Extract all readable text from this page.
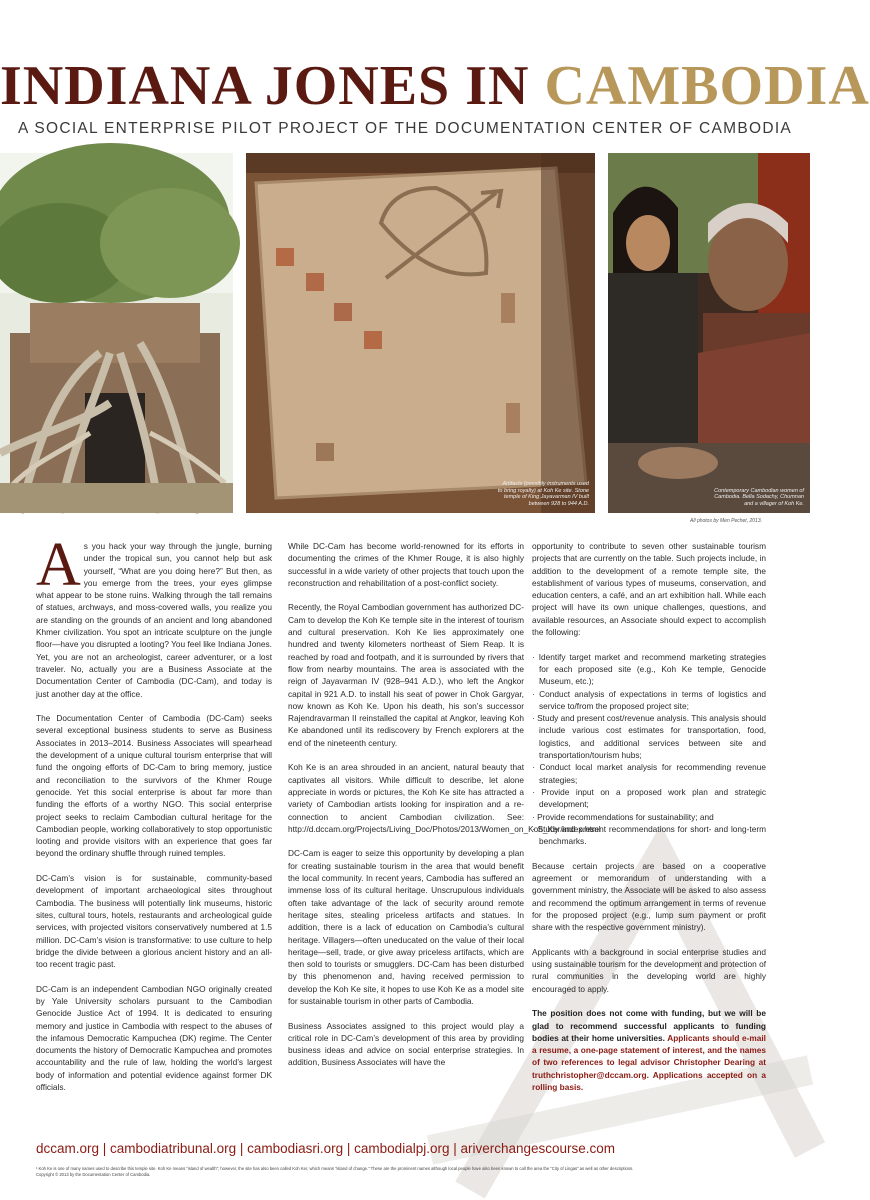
INDIANA JONES IN CAMBODIA
A SOCIAL ENTERPRISE PILOT PROJECT OF THE DOCUMENTATION CENTER OF CAMBODIA
Artifacts (possibly instruments used to bring royalty) at Koh Ke site. Stone temple of King Jayavarman IV built between 928 to 944 A.D.
Contemporary Cambodian women of Cambodia. Bella Sodachy, Chumnan and a villager of Koh Ke.
All photos by Men Pechet, 2013.

As you hack your way through the jungle, burning under the tropical sun, you cannot help but ask yourself, “What are you doing here?” But then, as you emerge from the trees, your eyes glimpse what appear to be stone ruins. Walking through the tall remains of statues, archways, and moss-covered walls, you realize you are standing on the grounds of an ancient and long abandoned Khmer civilization. You spot an intricate sculpture on the jungle floor—have you disrupted a looting? You feel like Indiana Jones. Yet, you are not an archeologist, career adventurer, or a lost traveler. No, actually you are a Business Associate at the Documentation Center of Cambodia (DC-Cam), and today is just another day at the office.

The Documentation Center of Cambodia (DC-Cam) seeks several exceptional business students to serve as Business Associates in 2013–2014. Business Associates will spearhead the development of a unique cultural tourism enterprise that will fund the ongoing efforts of DC-Cam to bring memory, justice and reconciliation to the survivors of the Khmer Rouge genocide. Yet this social enterprise is about far more than funding the efforts of a worthy NGO. This social enterprise project seeks to reclaim Cambodian cultural heritage for the Cambodian people, working collaboratively to stop opportunistic looting and provide visitors with an experience that goes far beyond the ordinary shuffle through ruined temples.

DC-Cam’s vision is for sustainable, community-based development of important archaeological sites throughout Cambodia. The business will potentially link museums, historic sites, cultural tours, hotels, restaurants and archeological guide services, with projected visitors conservatively numbered at 1.5 million. DC-Cam’s vision is transformative: to use culture to help bridge the divide between a glorious ancient history and an all-too recent tragic past.

DC-Cam is an independent Cambodian NGO originally created by Yale University scholars pursuant to the Cambodian Genocide Justice Act of 1994. It is dedicated to ensuring memory and justice in Cambodia with respect to the abuses of the infamous Democratic Kampuchea (DK) regime. The Center documents the history of Democratic Kampuchea and promotes accountability and the rule of law, holding the world’s largest body of information and potential evidence against former DK officials.

While DC-Cam has become world-renowned for its efforts in documenting the crimes of the Khmer Rouge, it is also highly successful in a wide variety of other projects that touch upon the reconstruction and rehabilitation of a post-conflict society.

Recently, the Royal Cambodian government has authorized DC-Cam to develop the Koh Ke temple site in the interest of tourism and cultural preservation. Koh Ke lies approximately one hundred and twenty kilometers northeast of Siem Reap. It is reached by road and footpath, and it is surrounded by rivers that flow from nearby mountains. The area is associated with the reign of Jayavarman IV (928–941 A.D.), who left the Angkor capital in 921 A.D. to install his seat of power in Chok Gargyar, now known as Koh Ke. Upon his death, his son’s successor Rajendravarman II reinstalled the capital at Angkor, leaving Koh Ke abandoned until its rediscovery by French explorers at the end of the nineteenth century.

Koh Ke is an area shrouded in an ancient, natural beauty that captivates all visitors. While difficult to describe, let alone appreciate in words or pictures, the Koh Ke site has attracted a variety of Cambodian artists looking for inspiration and a re-connection to ancient Cambodian civilization. See: http://d.dccam.org/Projects/Living_Doc/Photos/2013/Women_on_Koh_Ker/index.html

DC-Cam is eager to seize this opportunity by developing a plan for creating sustainable tourism in the area that would benefit the local community. In recent years, Cambodia has suffered an immense loss of its cultural heritage. Unscrupulous individuals often take advantage of the lack of security around remote heritage sites, stealing priceless artifacts and statues. In addition, there is a lack of education on Cambodia’s cultural heritage. Villagers—often uneducated on the value of their local heritage—sell, trade, or give away priceless artifacts, which are then sold to tourists or smugglers. DC-Cam has been disturbed by this phenomenon and, having received permission to develop the Koh Ke site, it hopes to use Koh Ke as a model site for sustainable tourism in other parts of Cambodia.

Business Associates assigned to this project would play a critical role in DC-Cam’s development of this area by providing business ideas and advice on social enterprise strategies. In addition, Business Associates will have the

opportunity to contribute to seven other sustainable tourism projects that are currently on the table. Such projects include, in addition to the development of a remote temple site, the establishment of various types of museums, conservation, and education centers, a café, and an art exhibition hall. While each project will have its own unique challenges, questions, and available resources, an Associate should expect to accomplish the following:

· Identify target market and recommend marketing strategies for each proposed site (e.g., Koh Ke temple, Genocide Museum, etc.);
· Conduct analysis of expectations in terms of logistics and service to/from the proposed project site;
· Study and present cost/revenue analysis. This analysis should include various cost estimates for transportation, food, logistics, and additional services between site and transportation/tourism hubs;
· Conduct local market analysis for recommending revenue strategies;
· Provide input on a proposed work plan and strategic development;
· Provide recommendations for sustainability; and
· Study and present recommendations for short- and long-term benchmarks.

Because certain projects are based on a cooperative agreement or memorandum of understanding with a government ministry, the Associate will be asked to also assess and recommend the optimum arrangement in terms of revenue for the proposed project (e.g., lump sum payment or profit share with the respective government ministry).

Applicants with a background in social enterprise studies and using sustainable tourism for the development and protection of rural communities in the developing world are highly encouraged to apply.

The position does not come with funding, but we will be glad to recommend successful applicants to funding bodies at their home universities. Applicants should e-mail a resume, a one-page statement of interest, and the names of two references to legal advisor Christopher Dearing at truthchristopher@dccam.org. Applications accepted on a rolling basis.

dccam.org | cambodiatribunal.org | cambodiasri.org | cambodialpj.org | ariverchangescourse.com
¹ Koh Ke is one of many names used to describe this temple site. Koh Ke means “island of wealth”; however, the site has also been called Koh Ker, which means “island of change.” These are the prominent names although local people have also been known to call the area the “City of Lingas” as well as other descriptions.
Copyright © 2013 by the Documentation Center of Cambodia.
